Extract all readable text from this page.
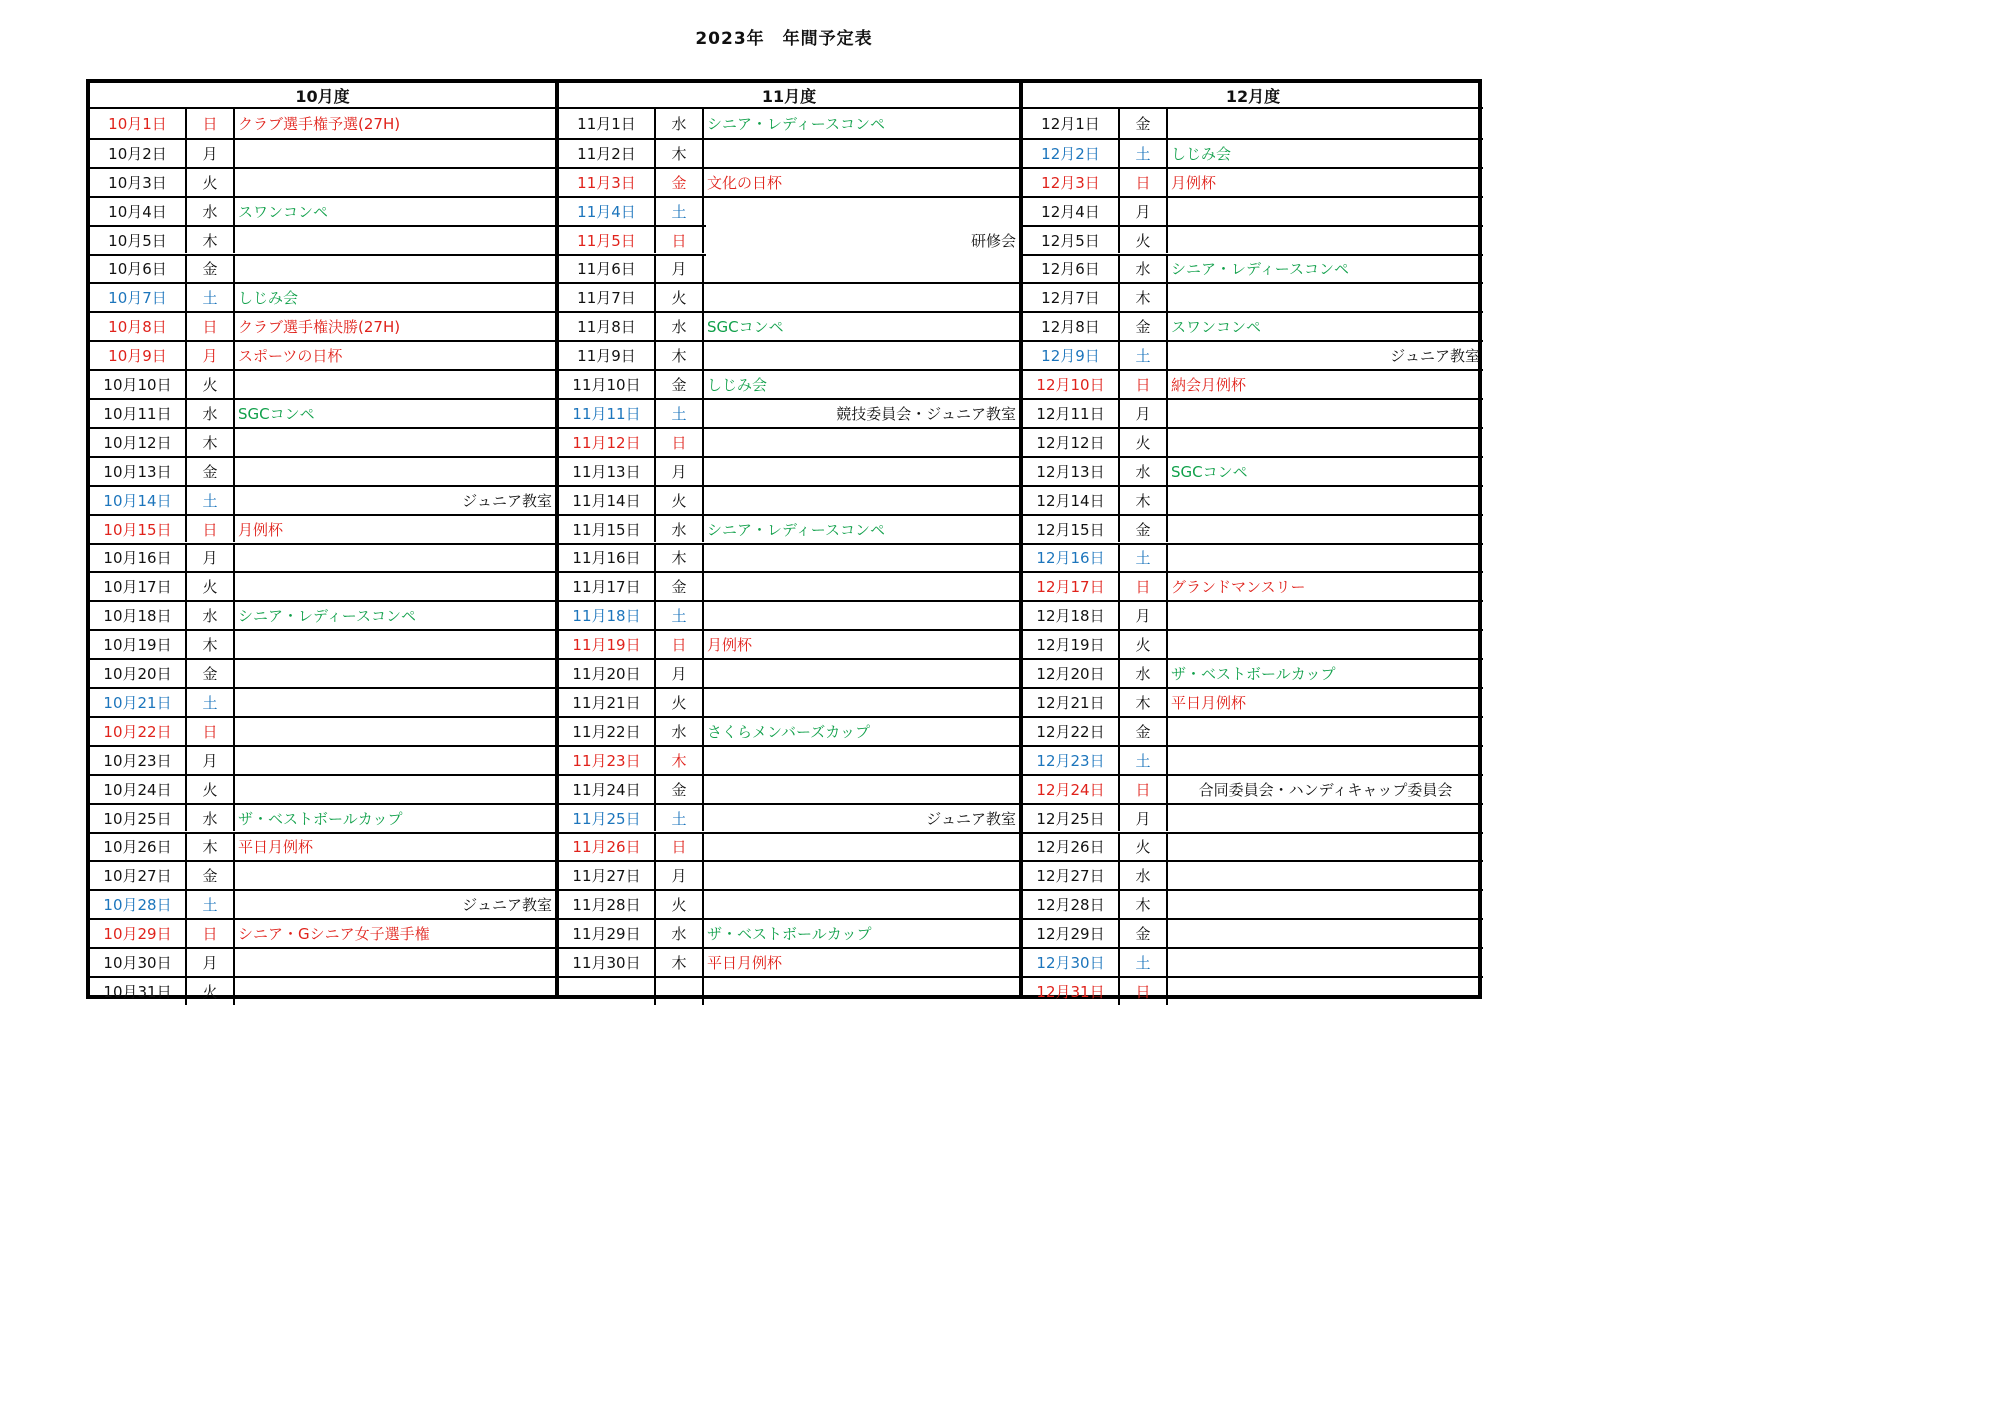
2023年　年間予定表
10月度
10月1日	日	クラブ選手権予選(27H)
10月2日	月
10月3日	火
10月4日	水	スワンコンペ
10月5日	木
10月6日	金
10月7日	土	しじみ会
10月8日	日	クラブ選手権決勝(27H)
10月9日	月	スポーツの日杯
10月10日	火
10月11日	水	SGCコンペ
10月12日	木
10月13日	金
10月14日	土	ジュニア教室
10月15日	日	月例杯
10月16日	月
10月17日	火
10月18日	水	シニア・レディースコンペ
10月19日	木
10月20日	金
10月21日	土
10月22日	日
10月23日	月
10月24日	火
10月25日	水	ザ・ベストボールカップ
10月26日	木	平日月例杯
10月27日	金
10月28日	土	ジュニア教室
10月29日	日	シニア・Gシニア女子選手権
10月30日	月
10月31日	火
11月度
11月1日	水	シニア・レディースコンペ
11月2日	木
11月3日	金	文化の日杯
11月4日	土
11月5日	日	研修会
11月6日	月
11月7日	火
11月8日	水	SGCコンペ
11月9日	木
11月10日	金	しじみ会
11月11日	土	競技委員会・ジュニア教室
11月12日	日
11月13日	月
11月14日	火
11月15日	水	シニア・レディースコンペ
11月16日	木
11月17日	金
11月18日	土
11月19日	日	月例杯
11月20日	月
11月21日	火
11月22日	水	さくらメンバーズカップ
11月23日	木
11月24日	金
11月25日	土	ジュニア教室
11月26日	日
11月27日	月
11月28日	火
11月29日	水	ザ・ベストボールカップ
11月30日	木	平日月例杯
12月度
12月1日	金
12月2日	土	しじみ会
12月3日	日	月例杯
12月4日	月
12月5日	火
12月6日	水	シニア・レディースコンペ
12月7日	木
12月8日	金	スワンコンペ
12月9日	土	ジュニア教室
12月10日	日	納会月例杯
12月11日	月
12月12日	火
12月13日	水	SGCコンペ
12月14日	木
12月15日	金
12月16日	土
12月17日	日	グランドマンスリー
12月18日	月
12月19日	火
12月20日	水	ザ・ベストボールカップ
12月21日	木	平日月例杯
12月22日	金
12月23日	土
12月24日	日	合同委員会・ハンディキャップ委員会
12月25日	月
12月26日	火
12月27日	水
12月28日	木
12月29日	金
12月30日	土
12月31日	日
